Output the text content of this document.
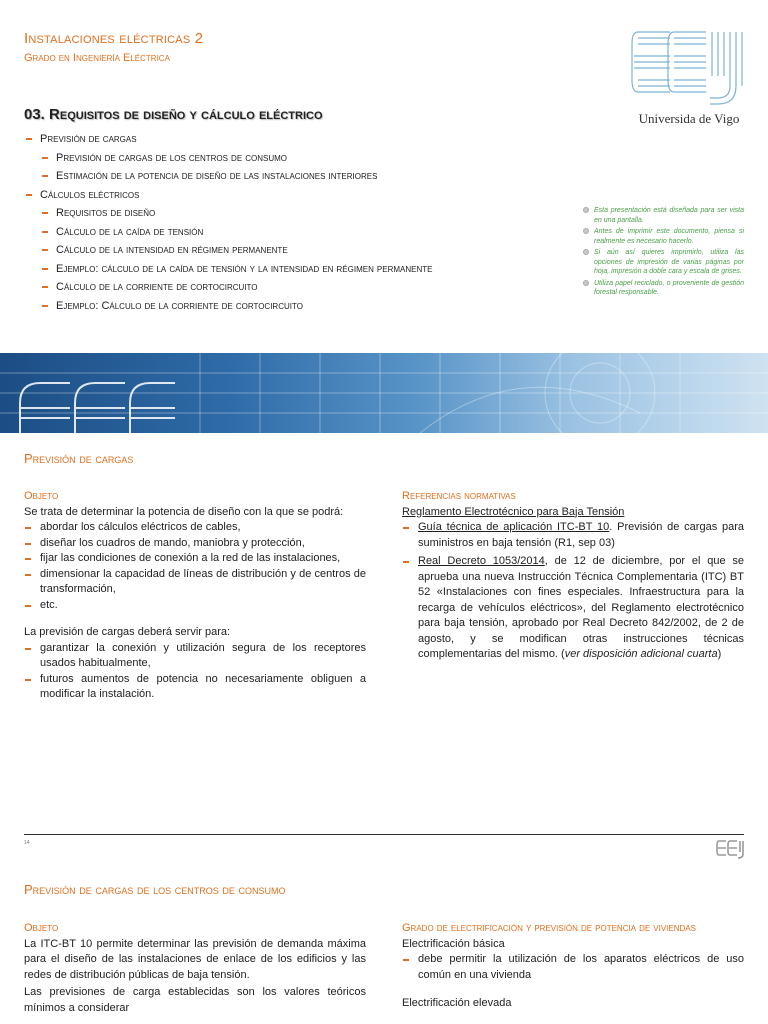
Instalaciones eléctricas 2
Grado en Ingeniería Eléctrica
Universida de Vigo
03. Requisitos de diseño y cálculo eléctrico
Previsión de cargas
Previsión de cargas de los centros de consumo
Estimación de la potencia de diseño de las instalaciones interiores
Cálculos eléctricos
Requisitos de diseño
Cálculo de la caída de tensión
Cálculo de la intensidad en régimen permanente
Ejemplo: cálculo de la caída de tensión y la intensidad en régimen permanente
Cálculo de la corriente de cortocircuito
Ejemplo: Cálculo de la corriente de cortocircuito
Esta presentación está diseñada para ser vista en una pantalla.
Antes de imprimir este documento, piensa si realmente es necesario hacerlo.
Si aún así quieres imprimirlo, utiliza las opciones de impresión de varias páginas por hoja, impresión a doble cara y escala de grises.
Utiliza papel reciclado, o proveniente de gestión forestal responsable.
Previsión de cargas
Objeto

Se trata de determinar la potencia de diseño con la que se podrá:

abordar los cálculos eléctricos de cables,
diseñar los cuadros de mando, maniobra y protección,
fijar las condiciones de conexión a la red de las instalaciones,
dimensionar la capacidad de líneas de distribución y de centros de transformación,
etc.

La previsión de cargas deberá servir para:

garantizar la conexión y utilización segura de los receptores usados habitualmente,
futuros aumentos de potencia no necesariamente obliguen a modificar la instalación.
Referencias normativas

Reglamento Electrotécnico para Baja Tensión

Guía técnica de aplicación ITC-BT 10. Previsión de cargas para suministros en baja tensión (R1, sep 03)
Real Decreto 1053/2014, de 12 de diciembre, por el que se aprueba una nueva Instrucción Técnica Complementaria (ITC) BT 52 «Instalaciones con fines especiales. Infraestructura para la recarga de vehículos eléctricos», del Reglamento electrotécnico para baja tensión, aprobado por Real Decreto 842/2002, de 2 de agosto, y se modifican otras instrucciones técnicas complementarias del mismo. (ver disposición adicional cuarta)
14
Previsión de cargas de los centros de consumo
Objeto

La ITC-BT 10 permite determinar las previsión de demanda máxima para el diseño de las instalaciones de enlace de los edificios y las redes de distribución públicas de baja tensión.

Las previsiones de carga establecidas son los valores teóricos mínimos a considerar

Grado de electrificación y previsión de potencia de viviendas

Electrificación básica

debe permitir la utilización de los aparatos eléctricos de uso común en una vivienda

Electrificación elevada
